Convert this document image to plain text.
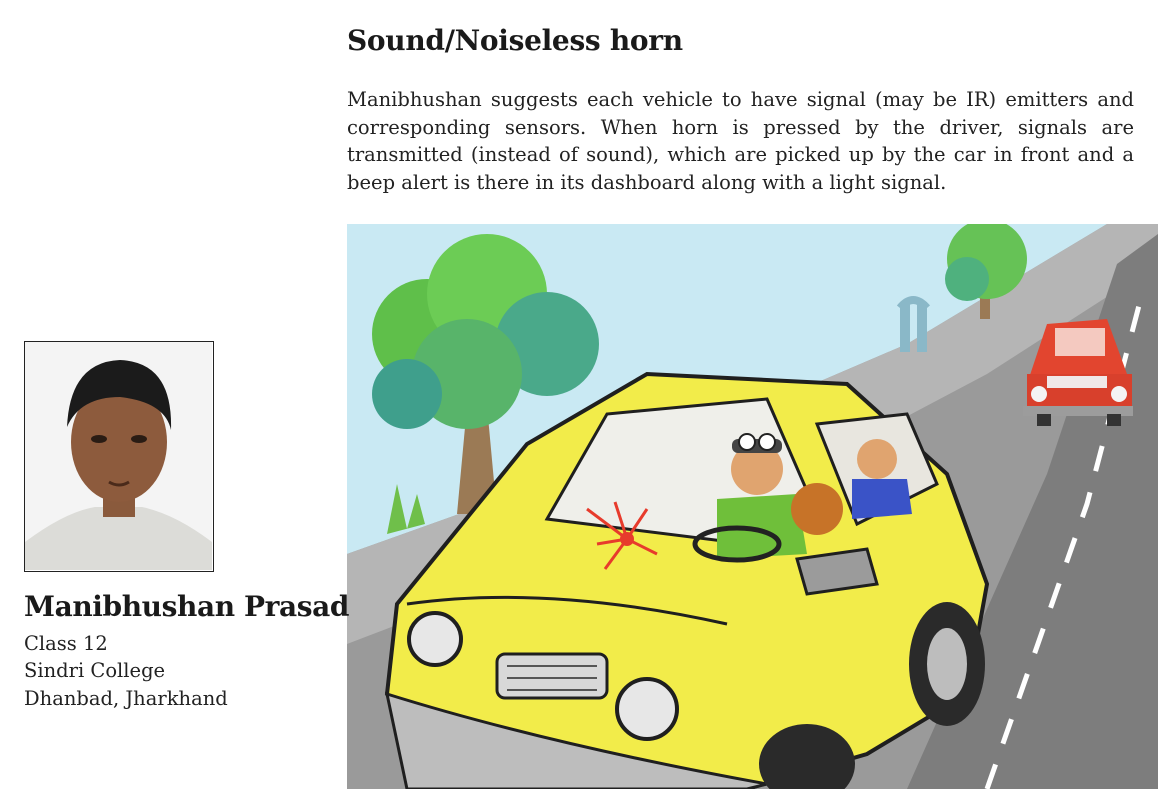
Sound/Noiseless horn

Manibhushan suggests each vehicle to have signal (may be IR) emitters and corresponding sensors. When horn is pressed by the driver, signals are transmitted (instead of sound), which are picked up by the car in front and a beep alert is there in its dashboard along with a light signal.

Manibhushan Prasad
Class 12
Sindri College
Dhanbad, Jharkhand
